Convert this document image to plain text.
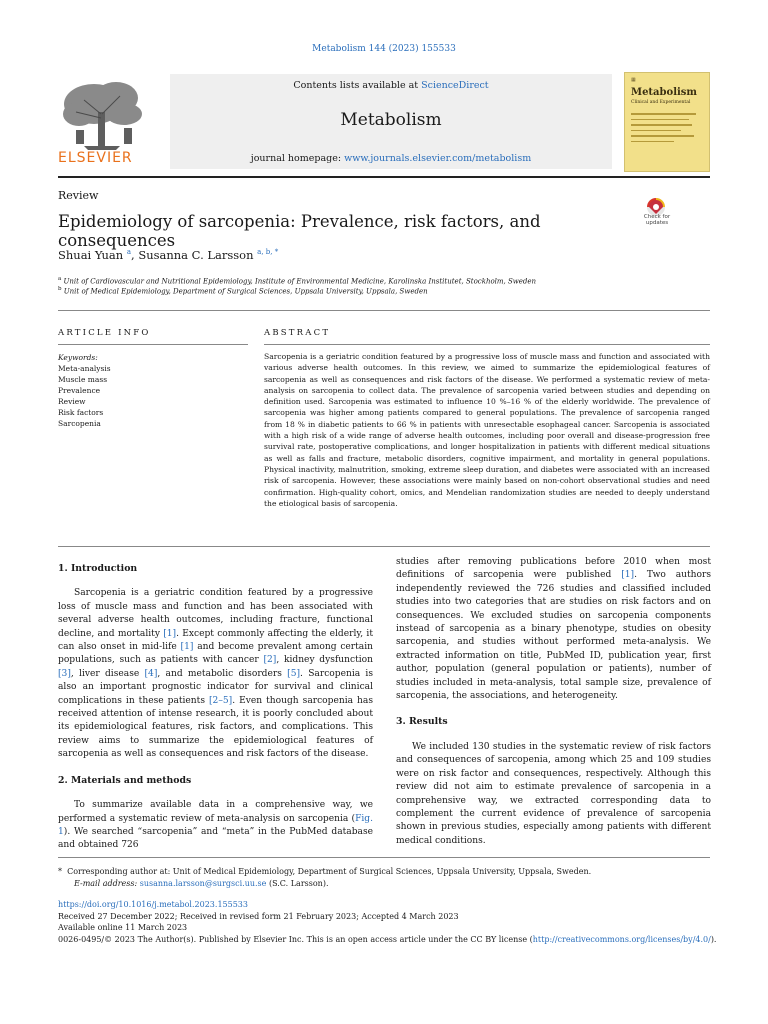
Metabolism 144 (2023) 155533
ELSEVIER
Contents lists available at ScienceDirect
Metabolism
journal homepage: www.journals.elsevier.com/metabolism
▦
Metabolism
Clinical and Experimental
Review
Epidemiology of sarcopenia: Prevalence, risk factors, and consequences
Check for
updates
Shuai Yuan $^a$, Susanna C. Larsson $^{a, b, *}$
$^a$ Unit of Cardiovascular and Nutritional Epidemiology, Institute of Environmental Medicine, Karolinska Institutet, Stockholm, Sweden
$^b$ Unit of Medical Epidemiology, Department of Surgical Sciences, Uppsala University, Uppsala, Sweden
ARTICLE INFO	ABSTRACT
Keywords:
Meta-analysis
Muscle mass
Prevalence
Review
Risk factors
Sarcopenia
Sarcopenia is a geriatric condition featured by a progressive loss of muscle mass and function and associated with various adverse health outcomes. In this review, we aimed to summarize the epidemiological features of sarcopenia as well as consequences and risk factors of the disease. We performed a systematic review of meta-analysis on sarcopenia to collect data. The prevalence of sarcopenia varied between studies and depending on definition used. Sarcopenia was estimated to influence 10 %–16 % of the elderly worldwide. The prevalence of sarcopenia was higher among patients compared to general populations. The prevalence of sarcopenia ranged from 18 % in diabetic patients to 66 % in patients with unresectable esophageal cancer. Sarcopenia is associated with a high risk of a wide range of adverse health outcomes, including poor overall and disease-progression free survival rate, postoperative complications, and longer hospitalization in patients with different medical situations as well as falls and fracture, metabolic disorders, cognitive impairment, and mortality in general populations. Physical inactivity, malnutrition, smoking, extreme sleep duration, and diabetes were associated with an increased risk of sarcopenia. However, these associations were mainly based on non-cohort observational studies and need confirmation. High-quality cohort, omics, and Mendelian randomization studies are needed to deeply understand the etiological basis of sarcopenia.
1. Introduction

Sarcopenia is a geriatric condition featured by a progressive loss of muscle mass and function and has been associated with several adverse health outcomes, including fracture, functional decline, and mortality [1]. Except commonly affecting the elderly, it can also onset in mid-life [1] and become prevalent among certain populations, such as patients with cancer [2], kidney dysfunction [3], liver disease [4], and metabolic disorders [5]. Sarcopenia is also an important prognostic indicator for survival and clinical complications in these patients [2–5]. Even though sarcopenia has received attention of intense research, it is poorly concluded about its epidemiological features, risk factors, and complications. This review aims to summarize the epidemiological features of sarcopenia as well as consequences and risk factors of the disease.

2. Materials and methods

To summarize available data in a comprehensive way, we performed a systematic review of meta-analysis on sarcopenia (Fig. 1). We searched “sarcopenia” and “meta” in the PubMed database and obtained 726

studies after removing publications before 2010 when most definitions of sarcopenia were published [1]. Two authors independently reviewed the 726 studies and classified included studies into two categories that are studies on risk factors and on consequences. We excluded studies on sarcopenia components instead of sarcopenia as a binary phenotype, studies on obesity sarcopenia, and studies without performed meta-analysis. We extracted information on title, PubMed ID, publication year, first author, population (general population or patients), number of studies included in meta-analysis, total sample size, prevalence of sarcopenia, the associations, and heterogeneity.

3. Results

We included 130 studies in the systematic review of risk factors and consequences of sarcopenia, among which 25 and 109 studies were on risk factor and consequences, respectively. Although this review did not aim to estimate prevalence of sarcopenia in a comprehensive way, we extracted corresponding data to complement the current evidence of prevalence of sarcopenia shown in previous studies, especially among patients with different medical conditions.

* Corresponding author at: Unit of Medical Epidemiology, Department of Surgical Sciences, Uppsala University, Uppsala, Sweden.
E-mail address: susanna.larsson@surgsci.uu.se (S.C. Larsson).
https://doi.org/10.1016/j.metabol.2023.155533
Received 27 December 2022; Received in revised form 21 February 2023; Accepted 4 March 2023
Available online 11 March 2023
0026-0495/© 2023 The Author(s). Published by Elsevier Inc. This is an open access article under the CC BY license (http://creativecommons.org/licenses/by/4.0/).
